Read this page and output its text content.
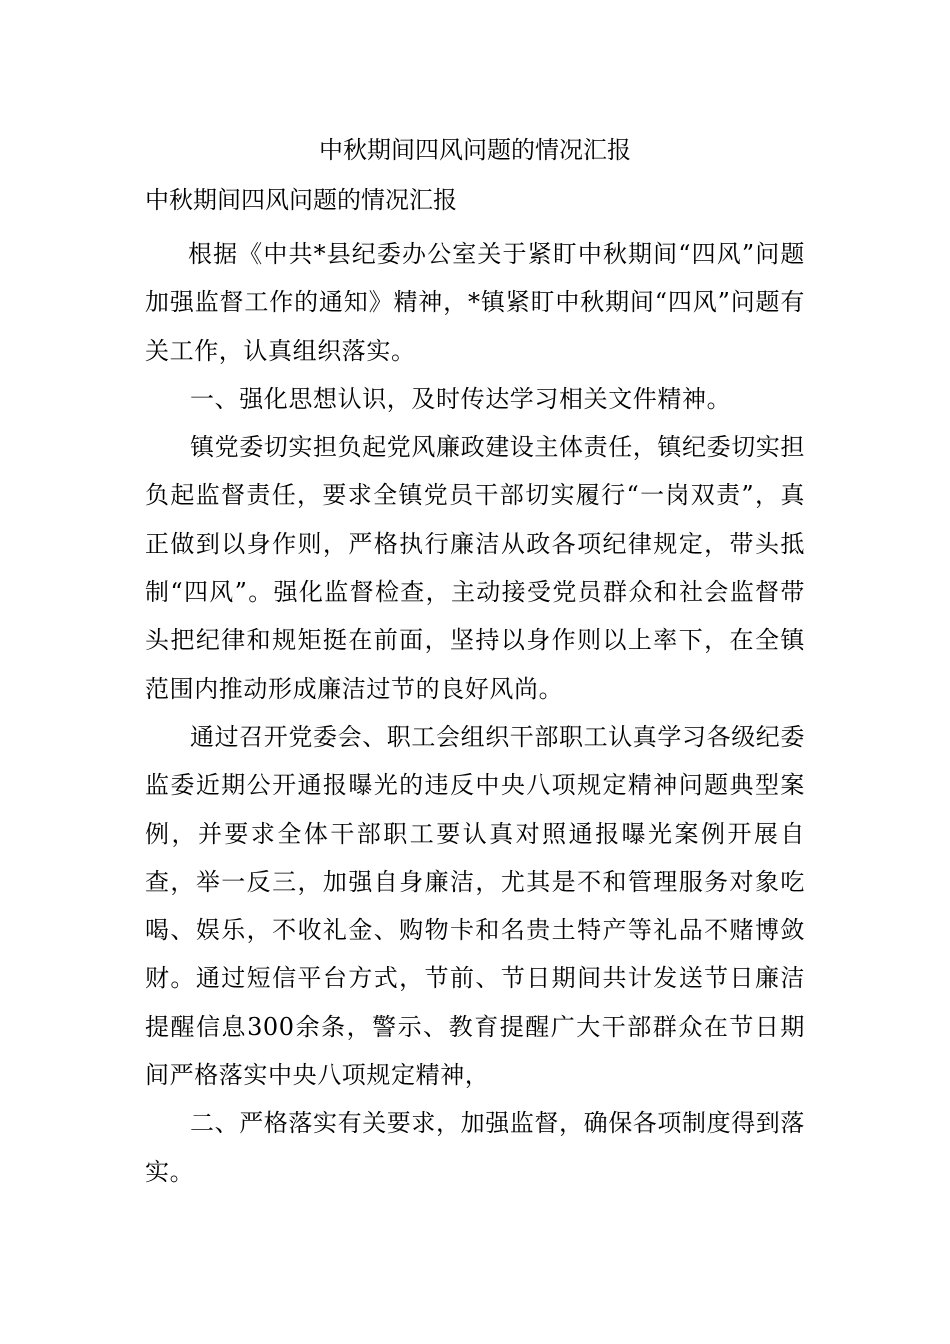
中秋期间四风问题的情况汇报
中秋期间四风问题的情况汇报

根据《中共*县纪委办公室关于紧盯中秋期间“四风”问题加强监督工作的通知》精神，*镇紧盯中秋期间“四风”问题有关工作，认真组织落实。

一、强化思想认识，及时传达学习相关文件精神。

镇党委切实担负起党风廉政建设主体责任，镇纪委切实担负起监督责任，要求全镇党员干部切实履行“一岗双责”，真正做到以身作则，严格执行廉洁从政各项纪律规定，带头抵制“四风”。强化监督检查，主动接受党员群众和社会监督带头把纪律和规矩挺在前面，坚持以身作则以上率下，在全镇范围内推动形成廉洁过节的良好风尚。

通过召开党委会、职工会组织干部职工认真学习各级纪委监委近期公开通报曝光的违反中央八项规定精神问题典型案例，并要求全体干部职工要认真对照通报曝光案例开展自查，举一反三，加强自身廉洁，尤其是不和管理服务对象吃喝、娱乐，不收礼金、购物卡和名贵土特产等礼品不赌博敛财。通过短信平台方式，节前、节日期间共计发送节日廉洁提醒信息300余条，警示、教育提醒广大干部群众在节日期间严格落实中央八项规定精神，

二、严格落实有关要求，加强监督，确保各项制度得到落实。
